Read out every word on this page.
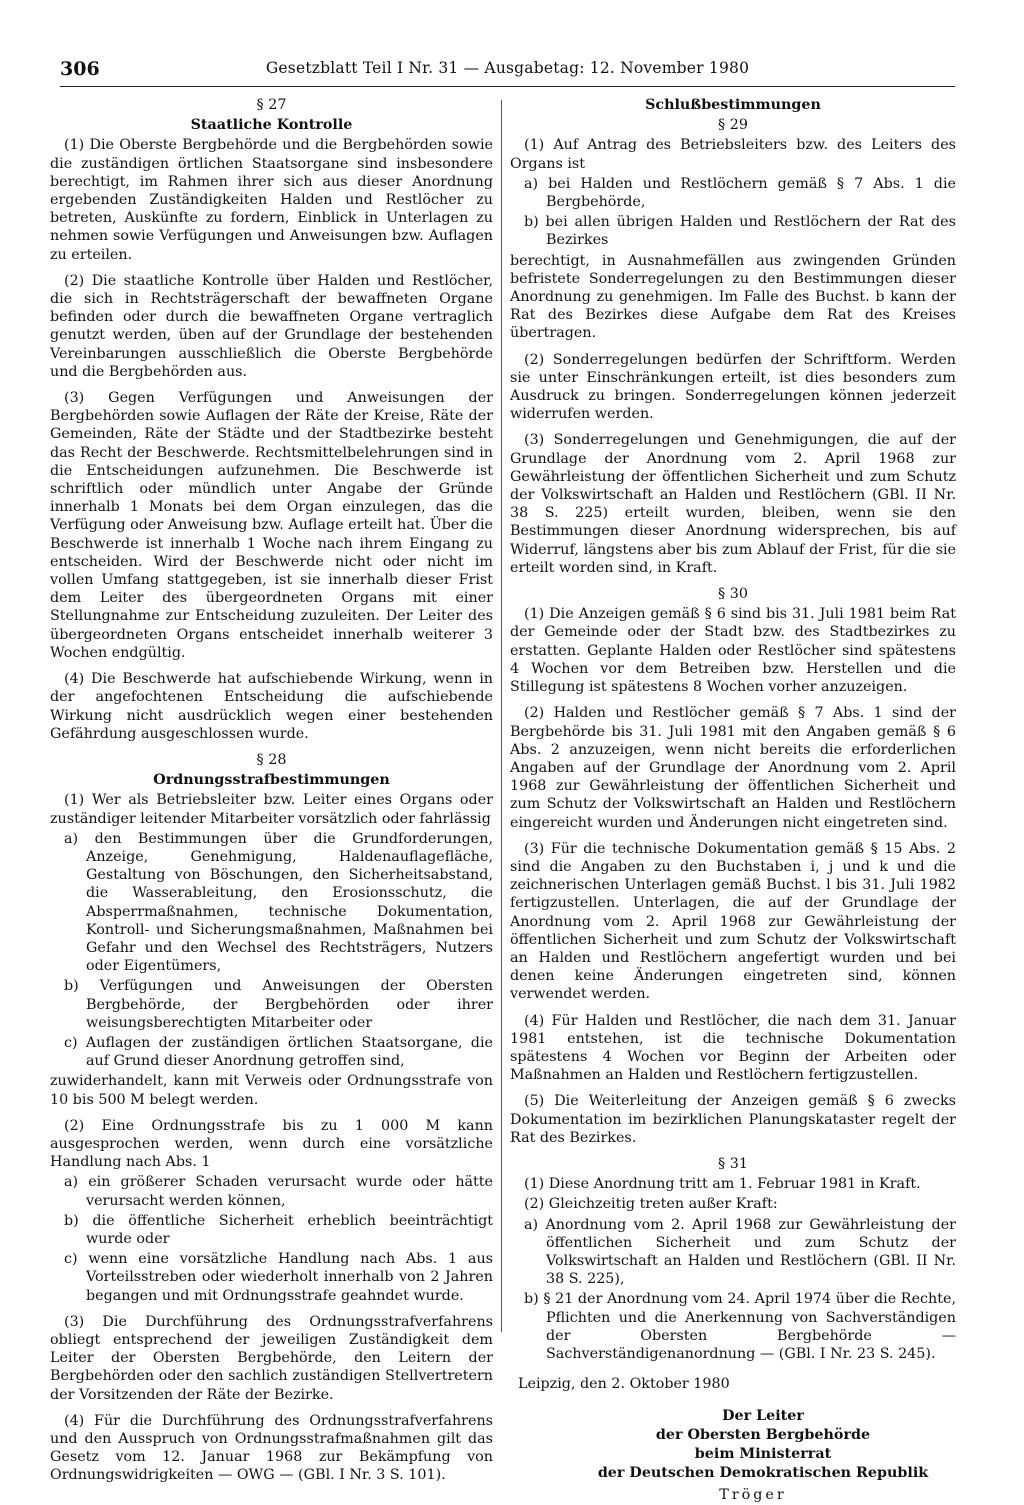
306	Gesetzblatt Teil I Nr. 31 — Ausgabetag: 12. November 1980
§ 27
Staatliche Kontrolle

(1) Die Oberste Bergbehörde und die Bergbehörden sowie die zuständigen örtlichen Staatsorgane sind insbesondere berechtigt, im Rahmen ihrer sich aus dieser Anordnung ergebenden Zuständigkeiten Halden und Restlöcher zu betreten, Auskünfte zu fordern, Einblick in Unterlagen zu nehmen sowie Verfügungen und Anweisungen bzw. Auflagen zu erteilen.

(2) Die staatliche Kontrolle über Halden und Restlöcher, die sich in Rechtsträgerschaft der bewaffneten Organe befinden oder durch die bewaffneten Organe vertraglich genutzt werden, üben auf der Grundlage der bestehenden Vereinbarungen ausschließlich die Oberste Bergbehörde und die Bergbehörden aus.

(3) Gegen Verfügungen und Anweisungen der Bergbehörden sowie Auflagen der Räte der Kreise, Räte der Gemeinden, Räte der Städte und der Stadtbezirke besteht das Recht der Beschwerde. Rechtsmittelbelehrungen sind in die Entscheidungen aufzunehmen. Die Beschwerde ist schriftlich oder mündlich unter Angabe der Gründe innerhalb 1 Monats bei dem Organ einzulegen, das die Verfügung oder Anweisung bzw. Auflage erteilt hat. Über die Beschwerde ist innerhalb 1 Woche nach ihrem Eingang zu entscheiden. Wird der Beschwerde nicht oder nicht im vollen Umfang stattgegeben, ist sie innerhalb dieser Frist dem Leiter des übergeordneten Organs mit einer Stellungnahme zur Entscheidung zuzuleiten. Der Leiter des übergeordneten Organs entscheidet innerhalb weiterer 3 Wochen endgültig.

(4) Die Beschwerde hat aufschiebende Wirkung, wenn in der angefochtenen Entscheidung die aufschiebende Wirkung nicht ausdrücklich wegen einer bestehenden Gefährdung ausgeschlossen wurde.

§ 28
Ordnungsstrafbestimmungen

(1) Wer als Betriebsleiter bzw. Leiter eines Organs oder zuständiger leitender Mitarbeiter vorsätzlich oder fahrlässig

a) den Bestimmungen über die Grundforderungen, Anzeige, Genehmigung, Haldenauflagefläche, Gestaltung von Böschungen, den Sicherheitsabstand, die Wasserableitung, den Erosionsschutz, die Absperrmaßnahmen, technische Dokumentation, Kontroll- und Sicherungsmaßnahmen, Maßnahmen bei Gefahr und den Wechsel des Rechtsträgers, Nutzers oder Eigentümers,
b) Verfügungen und Anweisungen der Obersten Bergbehörde, der Bergbehörden oder ihrer weisungsberechtigten Mitarbeiter oder
c) Auflagen der zuständigen örtlichen Staatsorgane, die auf Grund dieser Anordnung getroffen sind,

zuwiderhandelt, kann mit Verweis oder Ordnungsstrafe von 10 bis 500 M belegt werden.

(2) Eine Ordnungsstrafe bis zu 1 000 M kann ausgesprochen werden, wenn durch eine vorsätzliche Handlung nach Abs. 1

a) ein größerer Schaden verursacht wurde oder hätte verursacht werden können,
b) die öffentliche Sicherheit erheblich beeinträchtigt wurde oder
c) wenn eine vorsätzliche Handlung nach Abs. 1 aus Vorteilsstreben oder wiederholt innerhalb von 2 Jahren begangen und mit Ordnungsstrafe geahndet wurde.

(3) Die Durchführung des Ordnungsstrafverfahrens obliegt entsprechend der jeweiligen Zuständigkeit dem Leiter der Obersten Bergbehörde, den Leitern der Bergbehörden oder den sachlich zuständigen Stellvertretern der Vorsitzenden der Räte der Bezirke.

(4) Für die Durchführung des Ordnungsstrafverfahrens und den Ausspruch von Ordnungsstrafmaßnahmen gilt das Gesetz vom 12. Januar 1968 zur Bekämpfung von Ordnungswidrigkeiten — OWG — (GBl. I Nr. 3 S. 101).

Schlußbestimmungen
§ 29

(1) Auf Antrag des Betriebsleiters bzw. des Leiters des Organs ist

a) bei Halden und Restlöchern gemäß § 7 Abs. 1 die Bergbehörde,
b) bei allen übrigen Halden und Restlöchern der Rat des Bezirkes

berechtigt, in Ausnahmefällen aus zwingenden Gründen befristete Sonderregelungen zu den Bestimmungen dieser Anordnung zu genehmigen. Im Falle des Buchst. b kann der Rat des Bezirkes diese Aufgabe dem Rat des Kreises übertragen.

(2) Sonderregelungen bedürfen der Schriftform. Werden sie unter Einschränkungen erteilt, ist dies besonders zum Ausdruck zu bringen. Sonderregelungen können jederzeit widerrufen werden.

(3) Sonderregelungen und Genehmigungen, die auf der Grundlage der Anordnung vom 2. April 1968 zur Gewährleistung der öffentlichen Sicherheit und zum Schutz der Volkswirtschaft an Halden und Restlöchern (GBl. II Nr. 38 S. 225) erteilt wurden, bleiben, wenn sie den Bestimmungen dieser Anordnung widersprechen, bis auf Widerruf, längstens aber bis zum Ablauf der Frist, für die sie erteilt worden sind, in Kraft.

§ 30

(1) Die Anzeigen gemäß § 6 sind bis 31. Juli 1981 beim Rat der Gemeinde oder der Stadt bzw. des Stadtbezirkes zu erstatten. Geplante Halden oder Restlöcher sind spätestens 4 Wochen vor dem Betreiben bzw. Herstellen und die Stillegung ist spätestens 8 Wochen vorher anzuzeigen.

(2) Halden und Restlöcher gemäß § 7 Abs. 1 sind der Bergbehörde bis 31. Juli 1981 mit den Angaben gemäß § 6 Abs. 2 anzuzeigen, wenn nicht bereits die erforderlichen Angaben auf der Grundlage der Anordnung vom 2. April 1968 zur Gewährleistung der öffentlichen Sicherheit und zum Schutz der Volkswirtschaft an Halden und Restlöchern eingereicht wurden und Änderungen nicht eingetreten sind.

(3) Für die technische Dokumentation gemäß § 15 Abs. 2 sind die Angaben zu den Buchstaben i, j und k und die zeichnerischen Unterlagen gemäß Buchst. l bis 31. Juli 1982 fertigzustellen. Unterlagen, die auf der Grundlage der Anordnung vom 2. April 1968 zur Gewährleistung der öffentlichen Sicherheit und zum Schutz der Volkswirtschaft an Halden und Restlöchern angefertigt wurden und bei denen keine Änderungen eingetreten sind, können verwendet werden.

(4) Für Halden und Restlöcher, die nach dem 31. Januar 1981 entstehen, ist die technische Dokumentation spätestens 4 Wochen vor Beginn der Arbeiten oder Maßnahmen an Halden und Restlöchern fertigzustellen.

(5) Die Weiterleitung der Anzeigen gemäß § 6 zwecks Dokumentation im bezirklichen Planungskataster regelt der Rat des Bezirkes.

§ 31

(1) Diese Anordnung tritt am 1. Februar 1981 in Kraft.

(2) Gleichzeitig treten außer Kraft:

a) Anordnung vom 2. April 1968 zur Gewährleistung der öffentlichen Sicherheit und zum Schutz der Volkswirtschaft an Halden und Restlöchern (GBl. II Nr. 38 S. 225),
b) § 21 der Anordnung vom 24. April 1974 über die Rechte, Pflichten und die Anerkennung von Sachverständigen der Obersten Bergbehörde — Sachverständigenanordnung — (GBl. I Nr. 23 S. 245).
Leipzig, den 2. Oktober 1980
Der Leiter
der Obersten Bergbehörde
beim Ministerrat
der Deutschen Demokratischen Republik
Tröger
